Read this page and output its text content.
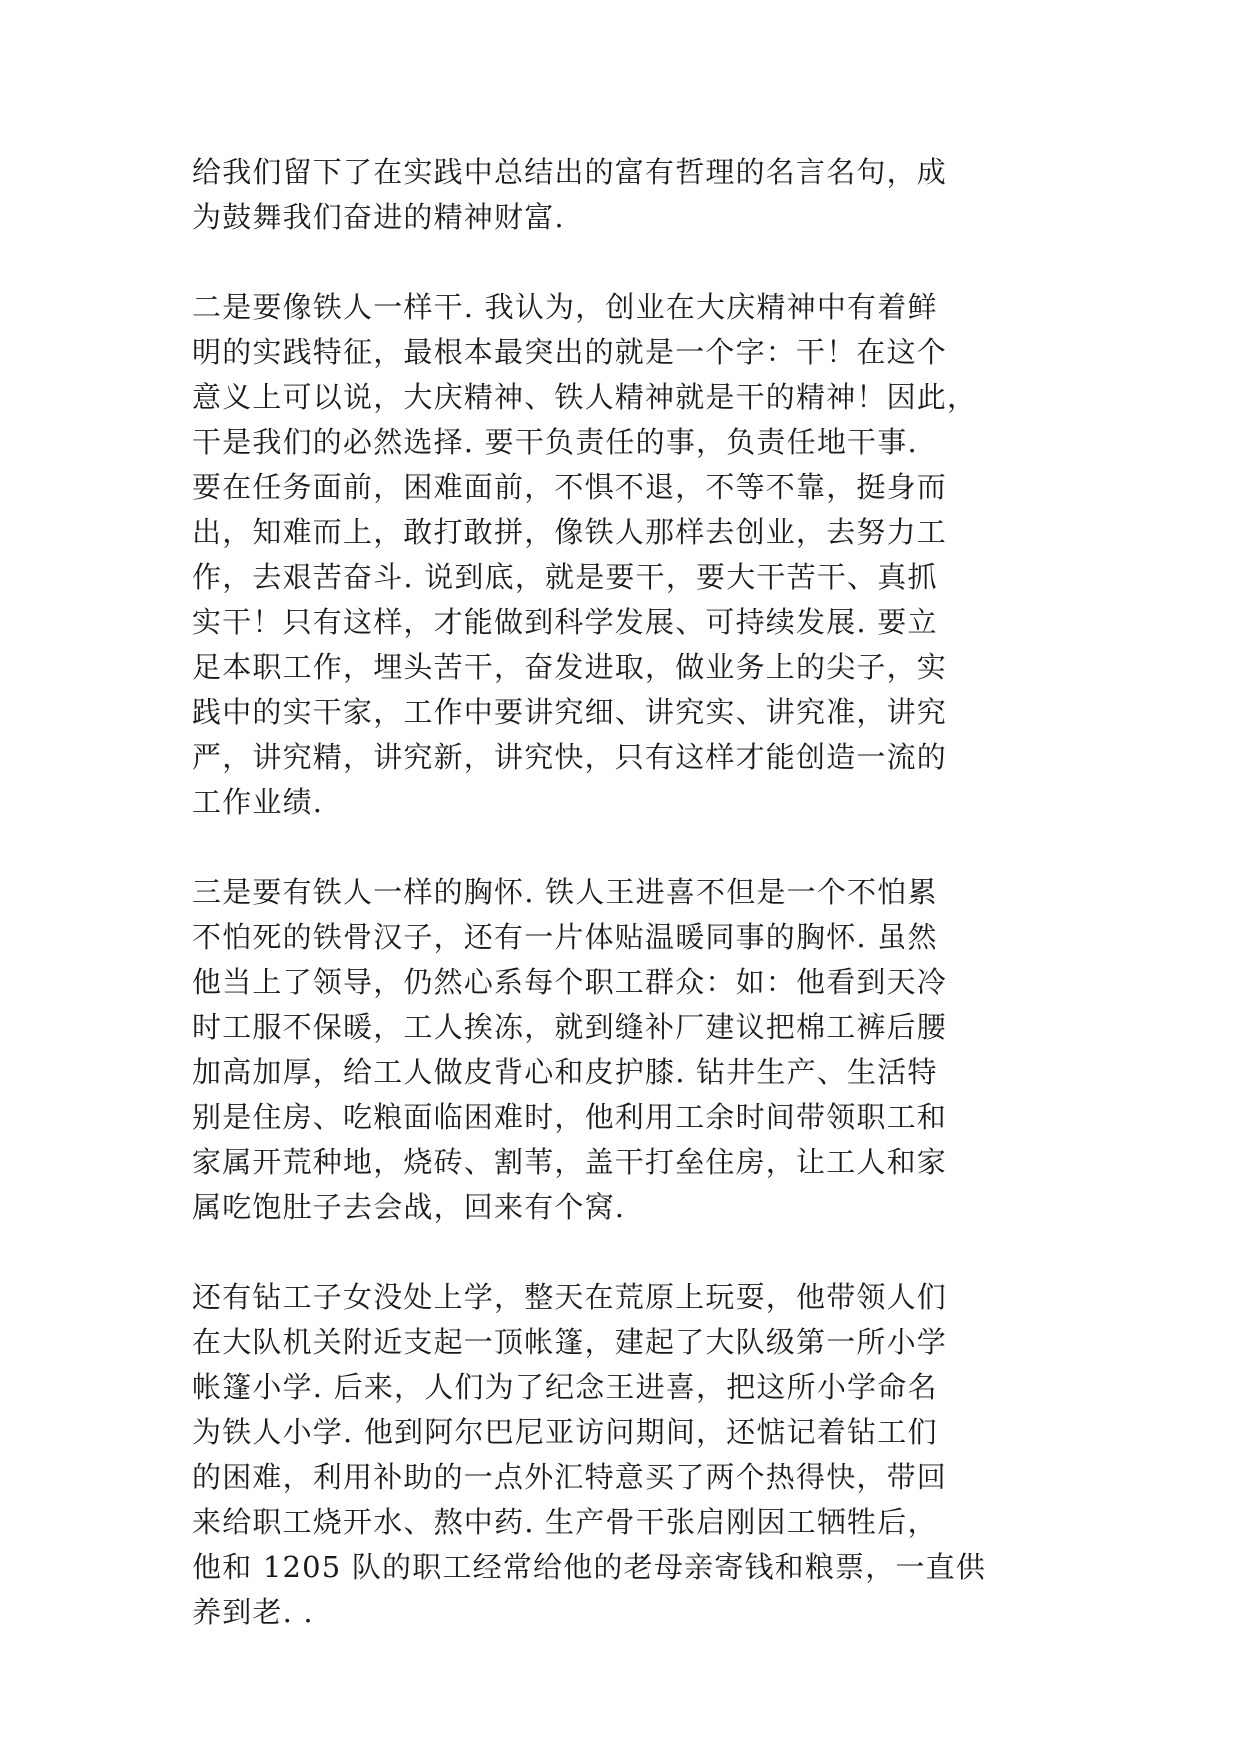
给我们留下了在实践中总结出的富有哲理的名言名句，成
为鼓舞我们奋进的精神财富.

二是要像铁人一样干. 我认为，创业在大庆精神中有着鲜
明的实践特征，最根本最突出的就是一个字：干！在这个
意义上可以说，大庆精神、铁人精神就是干的精神！因此，
干是我们的必然选择. 要干负责任的事，负责任地干事.
要在任务面前，困难面前，不惧不退，不等不靠，挺身而
出，知难而上，敢打敢拼，像铁人那样去创业，去努力工
作，去艰苦奋斗. 说到底，就是要干，要大干苦干、真抓
实干！只有这样，才能做到科学发展、可持续发展. 要立
足本职工作，埋头苦干，奋发进取，做业务上的尖子，实
践中的实干家，工作中要讲究细、讲究实、讲究准，讲究
严，讲究精，讲究新，讲究快，只有这样才能创造一流的
工作业绩.

三是要有铁人一样的胸怀. 铁人王进喜不但是一个不怕累
不怕死的铁骨汉子，还有一片体贴温暖同事的胸怀. 虽然
他当上了领导，仍然心系每个职工群众：如：他看到天冷
时工服不保暖，工人挨冻，就到缝补厂建议把棉工裤后腰
加高加厚，给工人做皮背心和皮护膝. 钻井生产、生活特
别是住房、吃粮面临困难时，他利用工余时间带领职工和
家属开荒种地，烧砖、割苇，盖干打垒住房，让工人和家
属吃饱肚子去会战，回来有个窝.

还有钻工子女没处上学，整天在荒原上玩耍，他带领人们
在大队机关附近支起一顶帐篷，建起了大队级第一所小学
帐篷小学. 后来，人们为了纪念王进喜，把这所小学命名
为铁人小学. 他到阿尔巴尼亚访问期间，还惦记着钻工们
的困难，利用补助的一点外汇特意买了两个热得快，带回
来给职工烧开水、熬中药. 生产骨干张启刚因工牺牲后，
他和 1205 队的职工经常给他的老母亲寄钱和粮票，一直供
养到老. .
